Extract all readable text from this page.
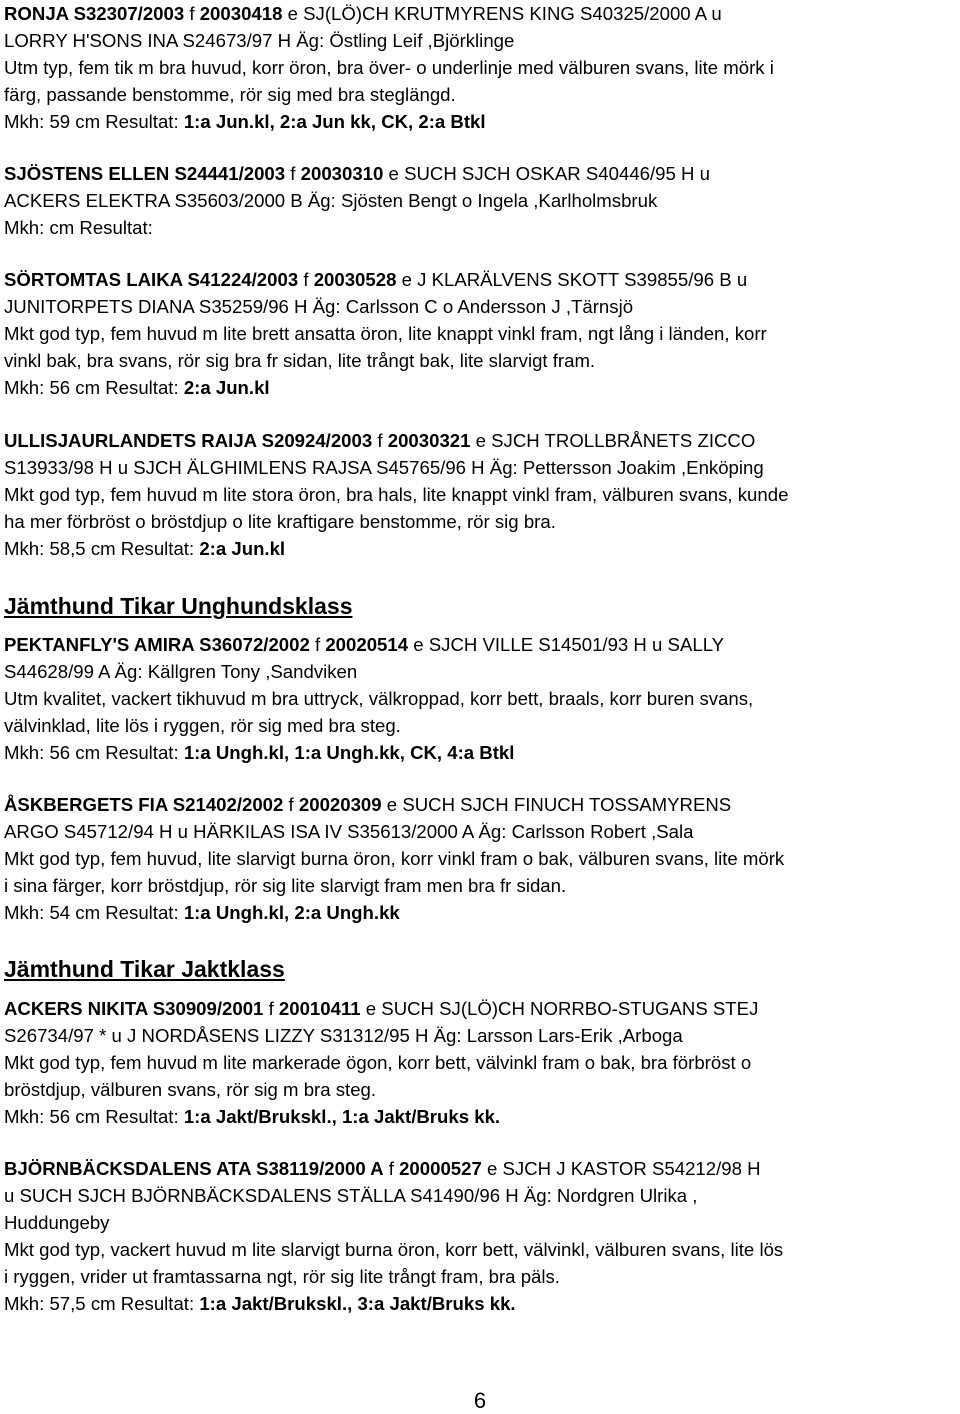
RONJA S32307/2003 f 20030418 e SJ(LÖ)CH KRUTMYRENS KING S40325/2000 A u

LORRY H'SONS INA S24673/97 H Äg: Östling Leif ,Björklinge

Utm typ, fem tik m bra huvud, korr öron, bra över- o underlinje med välburen svans, lite mörk i

färg, passande benstomme, rör sig med bra steglängd.

Mkh: 59 cm Resultat: 1:a Jun.kl, 2:a Jun kk, CK, 2:a Btkl

SJÖSTENS ELLEN S24441/2003 f 20030310 e SUCH SJCH OSKAR S40446/95 H u

ACKERS ELEKTRA S35603/2000 B Äg: Sjösten Bengt o Ingela ,Karlholmsbruk

Mkh: cm Resultat:

SÖRTOMTAS LAIKA S41224/2003 f 20030528 e J KLARÄLVENS SKOTT S39855/96 B u

JUNITORPETS DIANA S35259/96 H Äg: Carlsson C o Andersson J ,Tärnsjö

Mkt god typ, fem huvud m lite brett ansatta öron, lite knappt vinkl fram, ngt lång i länden, korr

vinkl bak, bra svans, rör sig bra fr sidan, lite trångt bak, lite slarvigt fram.

Mkh: 56 cm Resultat: 2:a Jun.kl

ULLISJAURLANDETS RAIJA S20924/2003 f 20030321 e SJCH TROLLBRÅNETS ZICCO

S13933/98 H u SJCH ÄLGHIMLENS RAJSA S45765/96 H Äg: Pettersson Joakim ,Enköping

Mkt god typ, fem huvud m lite stora öron, bra hals, lite knappt vinkl fram, välburen svans, kunde

ha mer förbröst o bröstdjup o lite kraftigare benstomme, rör sig bra.

Mkh: 58,5 cm Resultat: 2:a Jun.kl

Jämthund Tikar Unghundsklass

PEKTANFLY'S AMIRA S36072/2002 f 20020514 e SJCH VILLE S14501/93 H u SALLY

S44628/99 A Äg: Källgren Tony ,Sandviken

Utm kvalitet, vackert tikhuvud m bra uttryck, välkroppad, korr bett, braals, korr buren svans,

välvinklad, lite lös i ryggen, rör sig med bra steg.

Mkh: 56 cm Resultat: 1:a Ungh.kl, 1:a Ungh.kk, CK, 4:a Btkl

ÅSKBERGETS FIA S21402/2002 f 20020309 e SUCH SJCH FINUCH TOSSAMYRENS

ARGO S45712/94 H u HÄRKILAS ISA IV S35613/2000 A Äg: Carlsson Robert ,Sala

Mkt god typ, fem huvud, lite slarvigt burna öron, korr vinkl fram o bak, välburen svans, lite mörk

i sina färger, korr bröstdjup, rör sig lite slarvigt fram men bra fr sidan.

Mkh: 54 cm Resultat: 1:a Ungh.kl, 2:a Ungh.kk

Jämthund Tikar Jaktklass

ACKERS NIKITA S30909/2001 f 20010411 e SUCH SJ(LÖ)CH NORRBO-STUGANS STEJ

S26734/97 * u J NORDÅSENS LIZZY S31312/95 H Äg: Larsson Lars-Erik ,Arboga

Mkt god typ, fem huvud m lite markerade ögon, korr bett, välvinkl fram o bak, bra förbröst o

bröstdjup, välburen svans, rör sig m bra steg.

Mkh: 56 cm Resultat: 1:a Jakt/Brukskl., 1:a Jakt/Bruks kk.

BJÖRNBÄCKSDALENS ATA S38119/2000 A f 20000527 e SJCH J KASTOR S54212/98 H

u SUCH SJCH BJÖRNBÄCKSDALENS STÄLLA S41490/96 H Äg: Nordgren Ulrika ,

Huddungeby

Mkt god typ, vackert huvud m lite slarvigt burna öron, korr bett, välvinkl, välburen svans, lite lös

i ryggen, vrider ut framtassarna ngt, rör sig lite trångt fram, bra päls.

Mkh: 57,5 cm Resultat: 1:a Jakt/Brukskl., 3:a Jakt/Bruks kk.

6
